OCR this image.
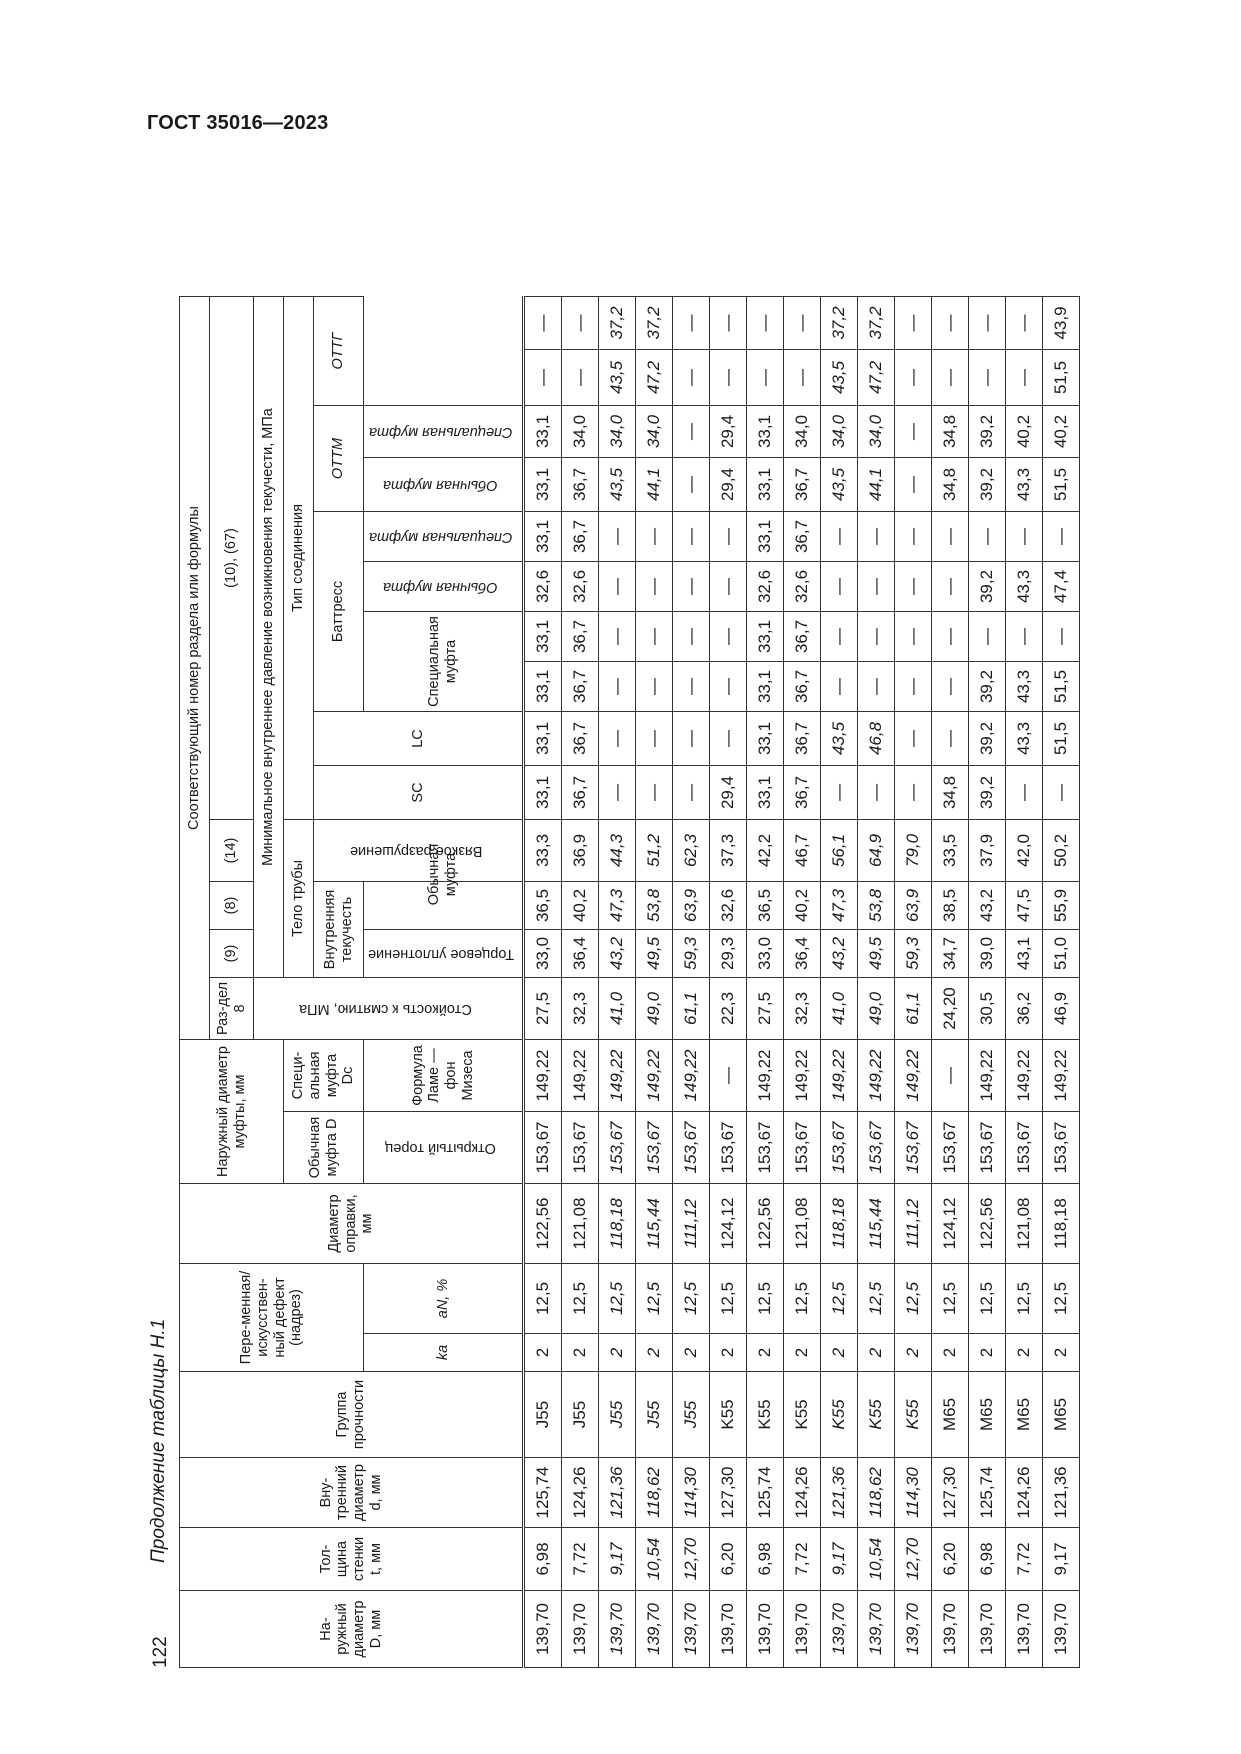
ГОСТ 35016—2023
122
Продолжение таблицы Н.1
На-ружный диаметр D, мм	Тол-щина стенки t, мм	Вну-тренний диаметр d, мм	Группа прочности	Пере-менная/искусствен-ный дефект (надрез)		Диаметр оправки, мм	Наружный диаметр муфты, мм		Соответствующий номер раздела или формулы													
									Раз-дел 8	(9)	(8)	(14)	(10), (67)									
									Стойкость к смятию, МПа	Минимальное внутреннее давление возникновения текучести, МПа												
							Обычная муфта D	Специ-альная муфта Dc		Тело трубы			Тип соединения									
										Внутренняя текучесть		Вязкое разрушение	SC	LC	Баттресс				ОТТМ		ОТТГ	
				kа	aN, %		Открытый торец	Формула Ламе — фон Мизеса		Торцевое уплотнение	Обычная муфта				Специальная муфта		Обычная муфта	Специальная муфта	Обычная муфта	Специальная муфта		
139,70	6,98	125,74	J55	2	12,5	122,56	153,67	149,22	27,5	33,0	36,5	33,3	33,1	33,1	33,1	33,1	32,6	33,1	33,1	33,1	—	—
139,70	7,72	124,26	J55	2	12,5	121,08	153,67	149,22	32,3	36,4	40,2	36,9	36,7	36,7	36,7	36,7	32,6	36,7	36,7	34,0	—	—
139,70	9,17	121,36	J55	2	12,5	118,18	153,67	149,22	41,0	43,2	47,3	44,3	—	—	—	—	—	—	43,5	34,0	43,5	37,2
139,70	10,54	118,62	J55	2	12,5	115,44	153,67	149,22	49,0	49,5	53,8	51,2	—	—	—	—	—	—	44,1	34,0	47,2	37,2
139,70	12,70	114,30	J55	2	12,5	111,12	153,67	149,22	61,1	59,3	63,9	62,3	—	—	—	—	—	—	—	—	—	—
139,70	6,20	127,30	K55	2	12,5	124,12	153,67	—	22,3	29,3	32,6	37,3	29,4	—	—	—	—	—	29,4	29,4	—	—
139,70	6,98	125,74	K55	2	12,5	122,56	153,67	149,22	27,5	33,0	36,5	42,2	33,1	33,1	33,1	33,1	32,6	33,1	33,1	33,1	—	—
139,70	7,72	124,26	K55	2	12,5	121,08	153,67	149,22	32,3	36,4	40,2	46,7	36,7	36,7	36,7	36,7	32,6	36,7	36,7	34,0	—	—
139,70	9,17	121,36	K55	2	12,5	118,18	153,67	149,22	41,0	43,2	47,3	56,1	—	43,5	—	—	—	—	43,5	34,0	43,5	37,2
139,70	10,54	118,62	K55	2	12,5	115,44	153,67	149,22	49,0	49,5	53,8	64,9	—	46,8	—	—	—	—	44,1	34,0	47,2	37,2
139,70	12,70	114,30	K55	2	12,5	111,12	153,67	149,22	61,1	59,3	63,9	79,0	—	—	—	—	—	—	—	—	—	—
139,70	6,20	127,30	M65	2	12,5	124,12	153,67	—	24,20	34,7	38,5	33,5	34,8	—	—	—	—	—	34,8	34,8	—	—
139,70	6,98	125,74	M65	2	12,5	122,56	153,67	149,22	30,5	39,0	43,2	37,9	39,2	39,2	39,2	—	39,2	—	39,2	39,2	—	—
139,70	7,72	124,26	M65	2	12,5	121,08	153,67	149,22	36,2	43,1	47,5	42,0	—	43,3	43,3	—	43,3	—	43,3	40,2	—	—
139,70	9,17	121,36	M65	2	12,5	118,18	153,67	149,22	46,9	51,0	55,9	50,2	—	51,5	51,5	—	47,4	—	51,5	40,2	51,5	43,9
